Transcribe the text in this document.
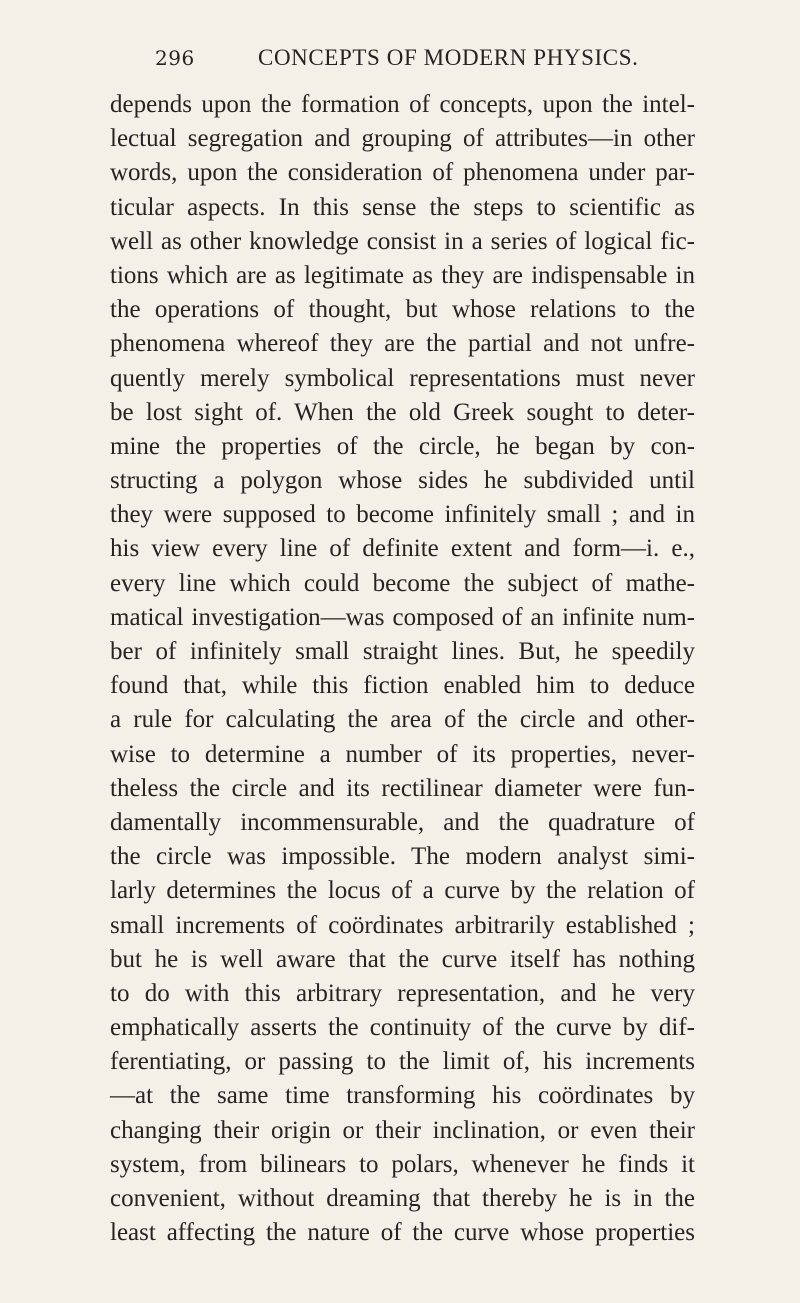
296	CONCEPTS OF MODERN PHYSICS.
depends upon the formation of concepts, upon the intel-
lectual segregation and grouping of attributes—in other
words, upon the consideration of phenomena under par-
ticular aspects. In this sense the steps to scientific as
well as other knowledge consist in a series of logical fic-
tions which are as legitimate as they are indispensable in
the operations of thought, but whose relations to the
phenomena whereof they are the partial and not unfre-
quently merely symbolical representations must never
be lost sight of. When the old Greek sought to deter-
mine the properties of the circle, he began by con-
structing a polygon whose sides he subdivided until
they were supposed to become infinitely small ; and in
his view every line of definite extent and form—i. e.,
every line which could become the subject of mathe-
matical investigation—was composed of an infinite num-
ber of infinitely small straight lines. But, he speedily
found that, while this fiction enabled him to deduce
a rule for calculating the area of the circle and other-
wise to determine a number of its properties, never-
theless the circle and its rectilinear diameter were fun-
damentally incommensurable, and the quadrature of
the circle was impossible. The modern analyst simi-
larly determines the locus of a curve by the relation of
small increments of coördinates arbitrarily established ;
but he is well aware that the curve itself has nothing
to do with this arbitrary representation, and he very
emphatically asserts the continuity of the curve by dif-
ferentiating, or passing to the limit of, his increments
—at the same time transforming his coördinates by
changing their origin or their inclination, or even their
system, from bilinears to polars, whenever he finds it
convenient, without dreaming that thereby he is in the
least affecting the nature of the curve whose properties
